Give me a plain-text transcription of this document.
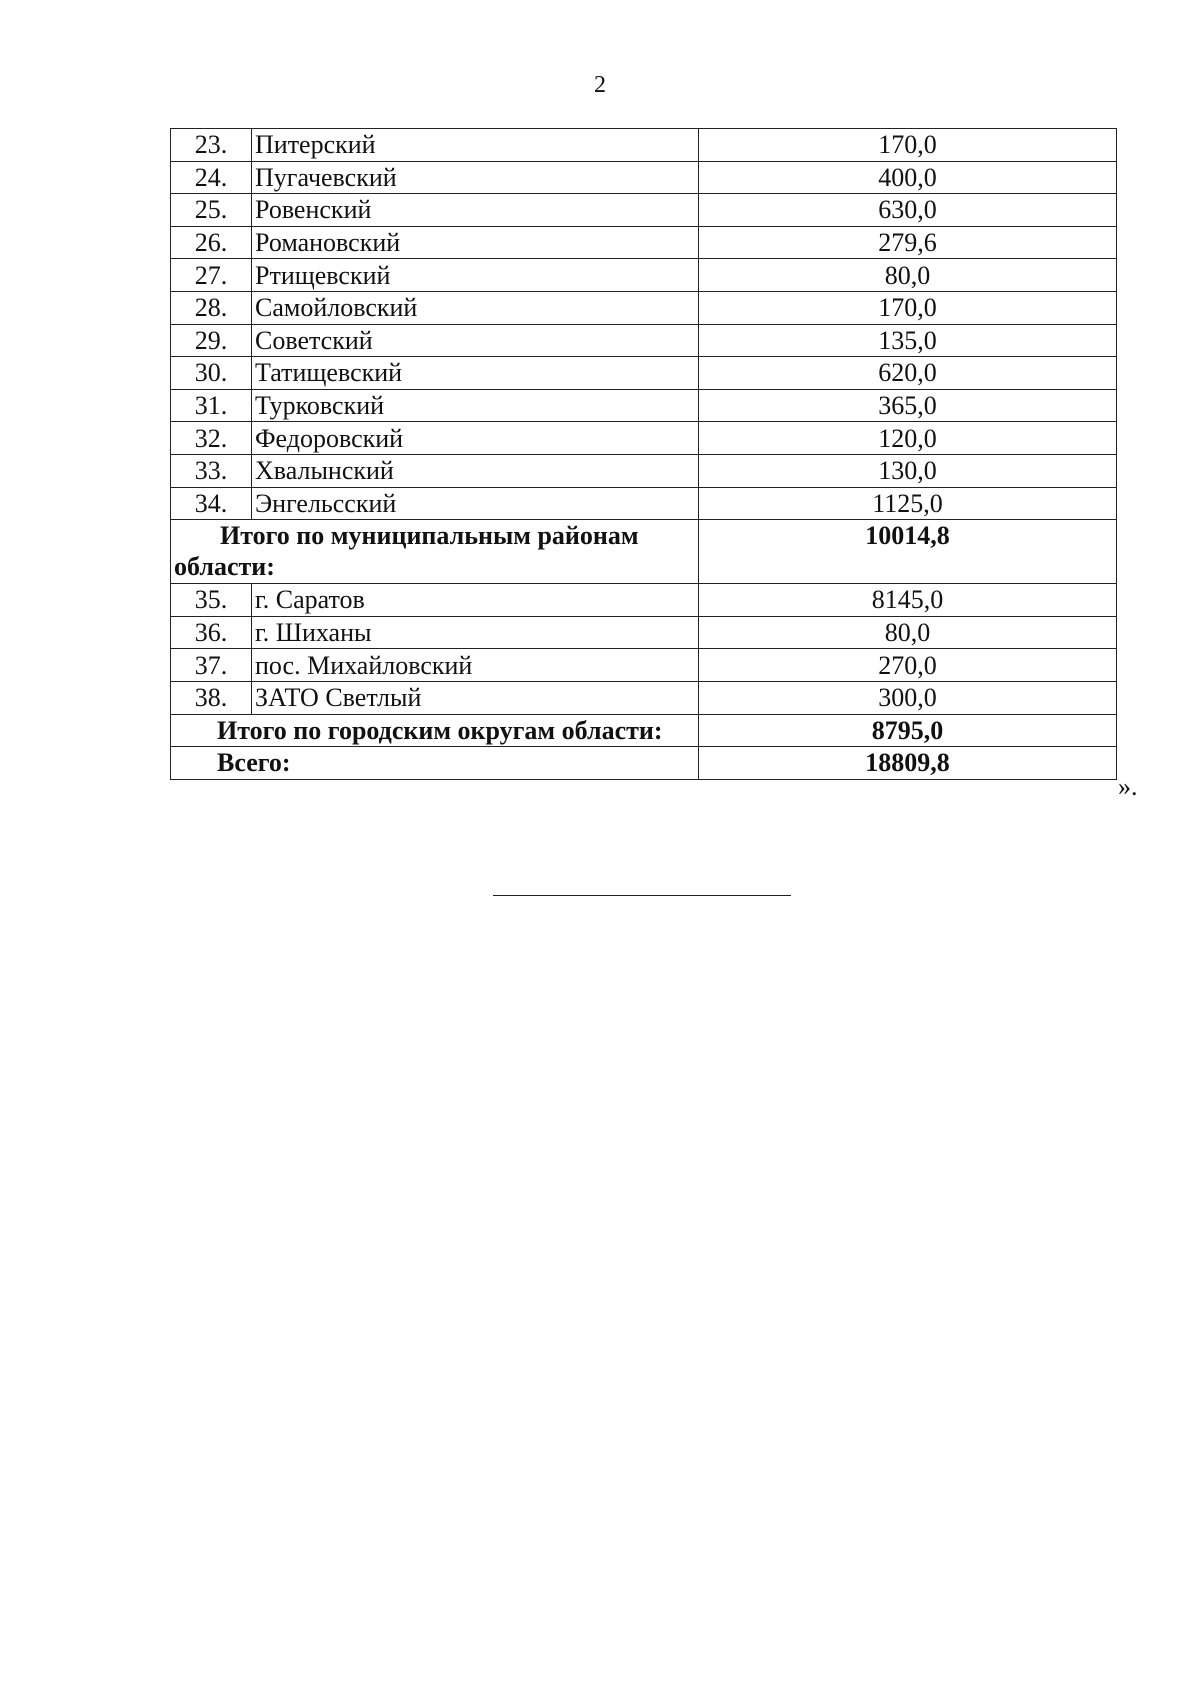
2
23.	Питерский	170,0
24.	Пугачевский	400,0
25.	Ровенский	630,0
26.	Романовский	279,6
27.	Ртищевский	80,0
28.	Самойловский	170,0
29.	Советский	135,0
30.	Татищевский	620,0
31.	Турковский	365,0
32.	Федоровский	120,0
33.	Хвалынский	130,0
34.	Энгельсский	1125,0

Итого по муниципальным районам
области:		10014,8
35.	г. Саратов	8145,0
36.	г. Шиханы	80,0
37.	пос. Михайловский	270,0
38.	ЗАТО Светлый	300,0
Итого по городским округам области:		8795,0
Всего:		18809,8
».
